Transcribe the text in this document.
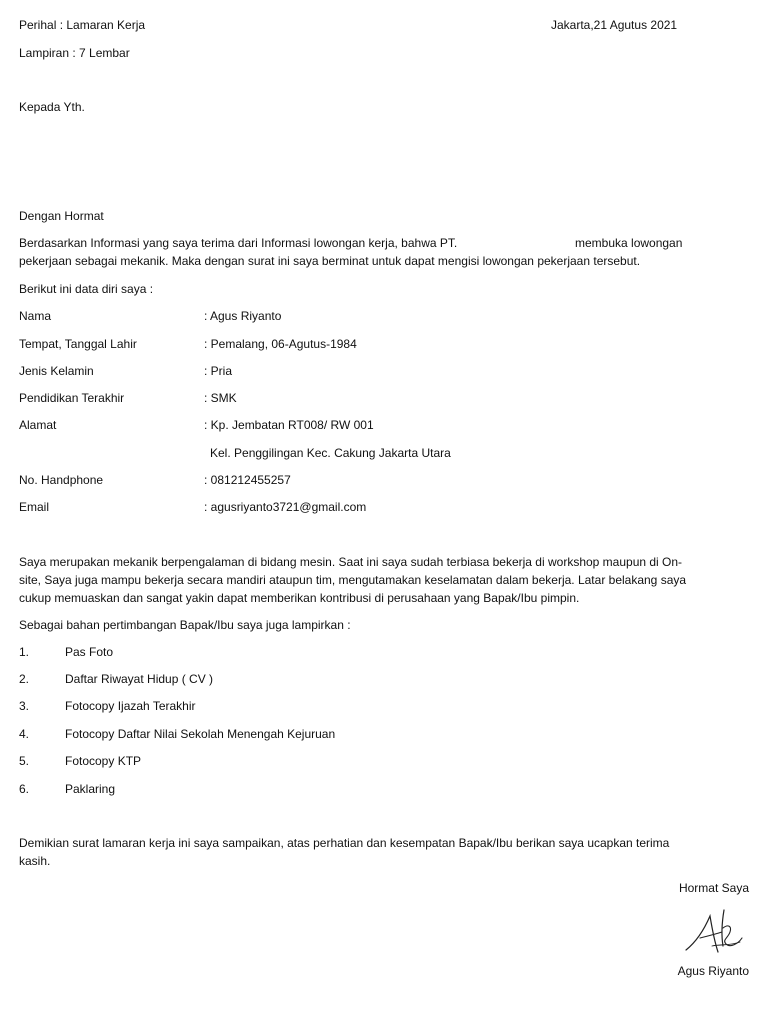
Perihal : Lamaran Kerja	Jakarta,21 Agutus 2021
Lampiran : 7 Lembar
Kepada Yth.
Dengan Hormat
Berdasarkan Informasi yang saya terima dari Informasi lowongan kerja, bahwa PT.	membuka lowongan
pekerjaan sebagai mekanik. Maka dengan surat ini saya berminat untuk dapat mengisi lowongan pekerjaan tersebut.
Berikut ini data diri saya :
Nama	: Agus Riyanto
Tempat, Tanggal Lahir	: Pemalang, 06-Agutus-1984
Jenis Kelamin	: Pria
Pendidikan Terakhir	: SMK
Alamat	: Kp. Jembatan RT008/ RW 001
Kel. Penggilingan Kec. Cakung Jakarta Utara
No. Handphone	: 081212455257
Email	: agusriyanto3721@gmail.com
Saya merupakan mekanik berpengalaman di bidang mesin. Saat ini saya sudah terbiasa bekerja di workshop maupun di On-
site, Saya juga mampu bekerja secara mandiri ataupun tim, mengutamakan keselamatan dalam bekerja. Latar belakang saya
cukup memuaskan dan sangat yakin dapat memberikan kontribusi di perusahaan yang Bapak/Ibu pimpin.
Sebagai bahan pertimbangan Bapak/Ibu saya juga lampirkan :
1.	Pas Foto
2.	Daftar Riwayat Hidup ( CV )
3.	Fotocopy Ijazah Terakhir
4.	Fotocopy Daftar Nilai Sekolah Menengah Kejuruan
5.	Fotocopy KTP
6.	Paklaring
Demikian surat lamaran kerja ini saya sampaikan, atas perhatian dan kesempatan Bapak/Ibu berikan saya ucapkan terima
kasih.
Hormat Saya
Agus Riyanto
